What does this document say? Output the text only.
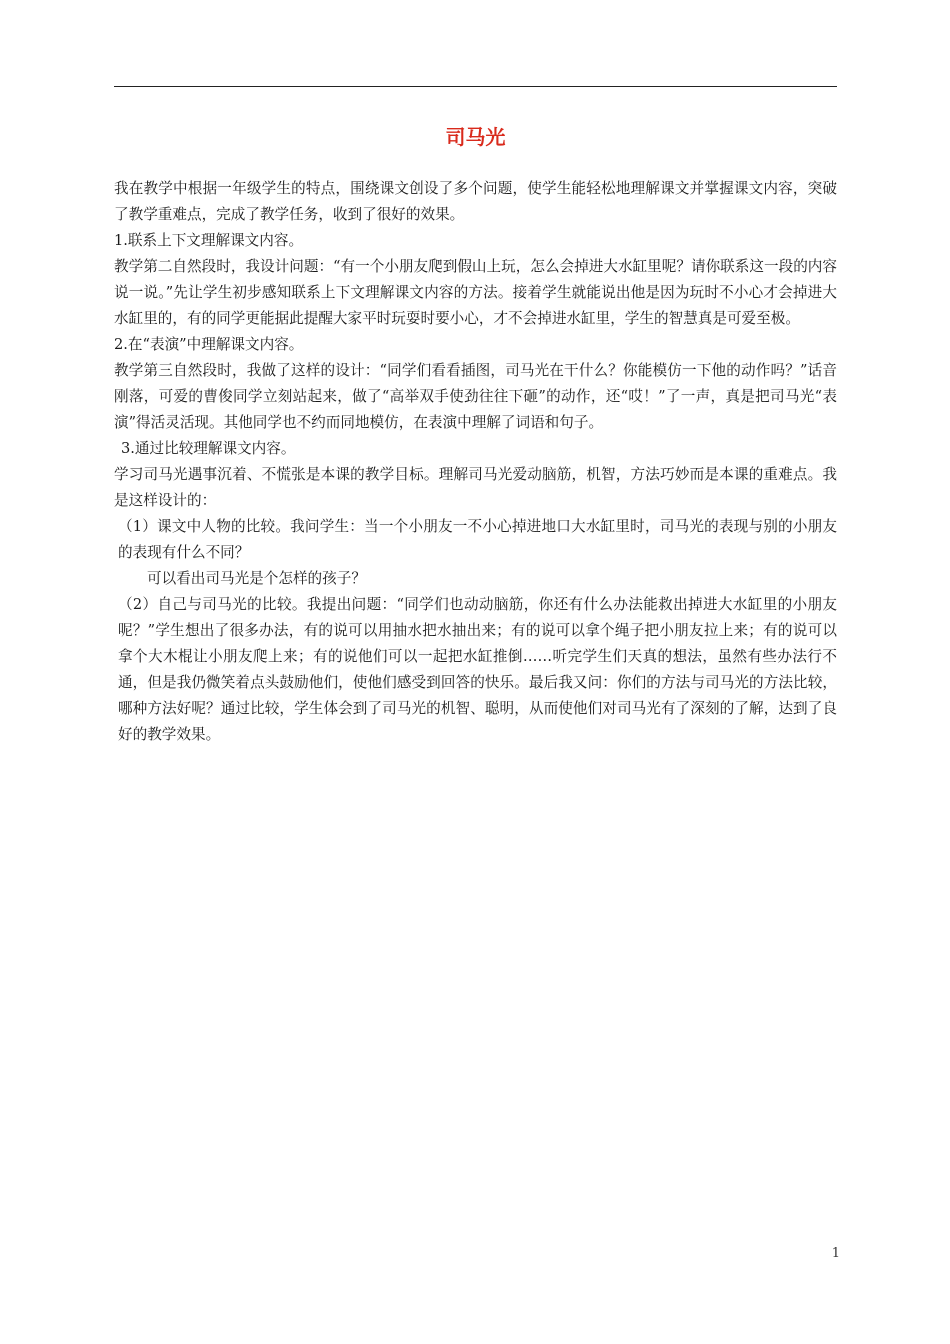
司马光

我在教学中根据一年级学生的特点，围绕课文创设了多个问题，使学生能轻松地理解课文并掌握课文内容，突破了教学重难点，完成了教学任务，收到了很好的效果。

1.联系上下文理解课文内容。

教学第二自然段时，我设计问题：“有一个小朋友爬到假山上玩，怎么会掉进大水缸里呢？请你联系这一段的内容说一说。”先让学生初步感知联系上下文理解课文内容的方法。接着学生就能说出他是因为玩时不小心才会掉进大水缸里的，有的同学更能据此提醒大家平时玩耍时要小心，才不会掉进水缸里，学生的智慧真是可爱至极。

2.在“表演”中理解课文内容。

教学第三自然段时，我做了这样的设计：“同学们看看插图，司马光在干什么？你能模仿一下他的动作吗？”话音刚落，可爱的曹俊同学立刻站起来，做了“高举双手使劲往往下砸”的动作，还“哎！”了一声，真是把司马光“表演”得活灵活现。其他同学也不约而同地模仿，在表演中理解了词语和句子。

3.通过比较理解课文内容。

学习司马光遇事沉着、不慌张是本课的教学目标。理解司马光爱动脑筋，机智，方法巧妙而是本课的重难点。我是这样设计的：

（1）课文中人物的比较。我问学生：当一个小朋友一不小心掉进地口大水缸里时，司马光的表现与别的小朋友的表现有什么不同？

可以看出司马光是个怎样的孩子？

（2）自己与司马光的比较。我提出问题：“同学们也动动脑筋，你还有什么办法能救出掉进大水缸里的小朋友呢？”学生想出了很多办法，有的说可以用抽水把水抽出来；有的说可以拿个绳子把小朋友拉上来；有的说可以拿个大木棍让小朋友爬上来；有的说他们可以一起把水缸推倒……听完学生们天真的想法，虽然有些办法行不通，但是我仍微笑着点头鼓励他们，使他们感受到回答的快乐。最后我又问：你们的方法与司马光的方法比较，哪种方法好呢？通过比较，学生体会到了司马光的机智、聪明，从而使他们对司马光有了深刻的了解，达到了良好的教学效果。

1
